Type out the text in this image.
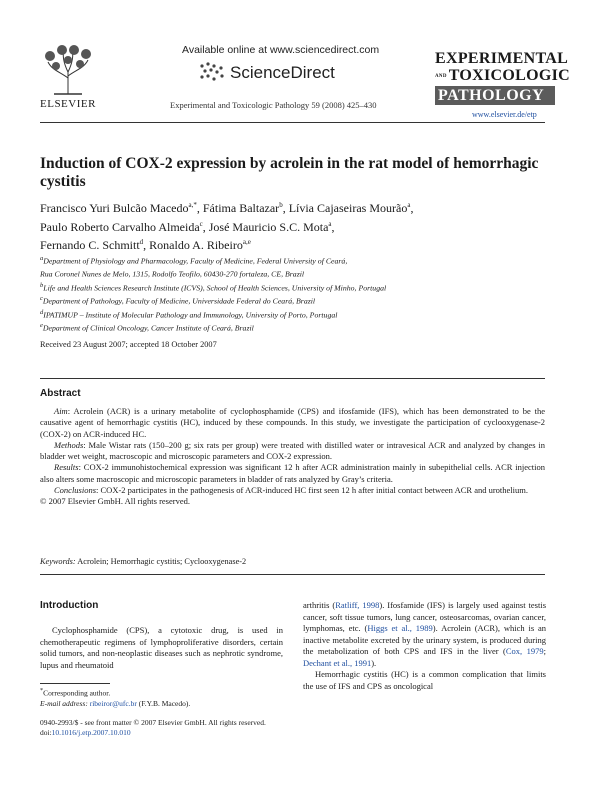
ELSEVIER
Available online at www.sciencedirect.com
ScienceDirect
Experimental and Toxicologic Pathology 59 (2008) 425–430
EXPERIMENTAL
AND TOXICOLOGIC
PATHOLOGY
www.elsevier.de/etp
Induction of COX-2 expression by acrolein in the rat model of hemorrhagic cystitis
Francisco Yuri Bulcão Macedo$^{a,*}$, Fátima Baltazar$^b$, Lívia Cajaseiras Mourão$^a$,
Paulo Roberto Carvalho Almeida$^c$, José Mauricio S.C. Mota$^a$,
Fernando C. Schmitt$^d$, Ronaldo A. Ribeiro$^{a,e}$
$^a$Department of Physiology and Pharmacology, Faculty of Medicine, Federal University of Ceará,
Rua Coronel Nunes de Melo, 1315, Rodolfo Teofilo, 60430-270 fortaleza, CE, Brazil
$^b$Life and Health Sciences Research Institute (ICVS), School of Health Sciences, University of Minho, Portugal
$^c$Department of Pathology, Faculty of Medicine, Universidade Federal do Ceará, Brazil
$^d$IPATIMUP – Institute of Molecular Pathology and Immunology, University of Porto, Portugal
$^e$Department of Clinical Oncology, Cancer Institute of Ceará, Brazil
Received 23 August 2007; accepted 18 October 2007
Abstract

Aim: Acrolein (ACR) is a urinary metabolite of cyclophosphamide (CPS) and ifosfamide (IFS), which has been demonstrated to be the causative agent of hemorrhagic cystitis (HC), induced by these compounds. In this study, we investigate the participation of cyclooxygenase-2 (COX-2) on ACR-induced HC.

Methods: Male Wistar rats (150–200 g; six rats per group) were treated with distilled water or intravesical ACR and analyzed by changes in bladder wet weight, macroscopic and microscopic parameters and COX-2 expression.

Results: COX-2 immunohistochemical expression was significant 12 h after ACR administration mainly in subepithelial cells. ACR injection also alters some macroscopic and microscopic parameters in bladder of rats analyzed by Gray’s criteria.

Conclusions: COX-2 participates in the pathogenesis of ACR-induced HC first seen 12 h after initial contact between ACR and urothelium.

© 2007 Elsevier GmbH. All rights reserved.

Keywords: Acrolein; Hemorrhagic cystitis; Cyclooxygenase-2
Introduction

Cyclophosphamide (CPS), a cytotoxic drug, is used in chemotherapeutic regimens of lymphoproliferative disorders, certain solid tumors, and non-neoplastic diseases such as nephrotic syndrome, lupus and rheumatoid

arthritis (Ratliff, 1998). Ifosfamide (IFS) is largely used against testis cancer, soft tissue tumors, lung cancer, osteosarcomas, ovarian cancer, lymphomas, etc. (Higgs et al., 1989). Acrolein (ACR), which is an inactive metabolite excreted by the urinary system, is produced during the metabolization of both CPS and IFS in the liver (Cox, 1979; Dechant et al., 1991).

Hemorrhagic cystitis (HC) is a common complication that limits the use of IFS and CPS as oncological

*Corresponding author.
E-mail address: ribeiror@ufc.br (F.Y.B. Macedo).
0940-2993/$ - see front matter © 2007 Elsevier GmbH. All rights reserved.
doi:10.1016/j.etp.2007.10.010
